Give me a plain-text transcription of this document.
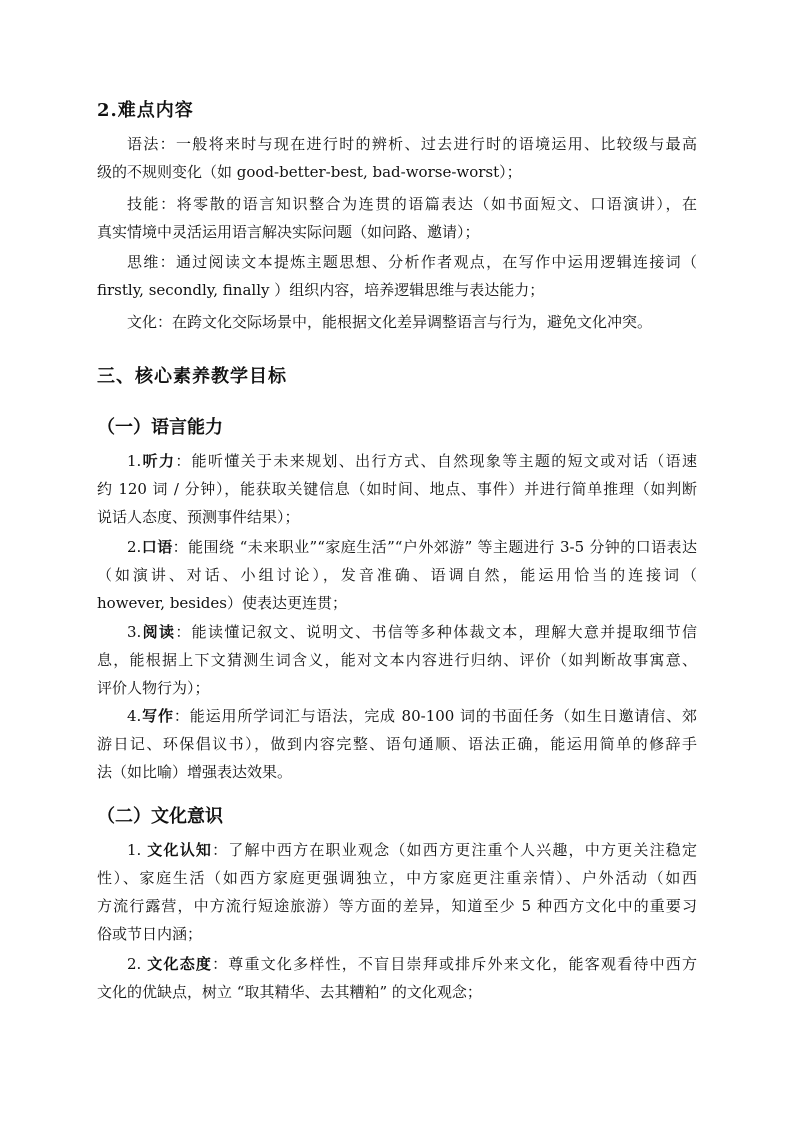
2.难点内容
语法：一般将来时与现在进行时的辨析、过去进行时的语境运用、比较级与最高
级的不规则变化（如 good-better-best, bad-worse-worst）；
技能：将零散的语言知识整合为连贯的语篇表达（如书面短文、口语演讲），在
真实情境中灵活运用语言解决实际问题（如问路、邀请）；
思维：通过阅读文本提炼主题思想、分析作者观点，在写作中运用逻辑连接词（
firstly, secondly, finally ）组织内容，培养逻辑思维与表达能力；
文化：在跨文化交际场景中，能根据文化差异调整语言与行为，避免文化冲突。
三、核心素养教学目标
（一）语言能力
1.听力：能听懂关于未来规划、出行方式、自然现象等主题的短文或对话（语速
约 120 词 / 分钟），能获取关键信息（如时间、地点、事件）并进行简单推理（如判断
说话人态度、预测事件结果）；
2.口语：能围绕 “未来职业”“家庭生活”“户外郊游” 等主题进行 3-5 分钟的口语表达
（如演讲、对话、小组讨论），发音准确、语调自然，能运用恰当的连接词（
however, besides）使表达更连贯；
3.阅读：能读懂记叙文、说明文、书信等多种体裁文本，理解大意并提取细节信
息，能根据上下文猜测生词含义，能对文本内容进行归纳、评价（如判断故事寓意、
评价人物行为）；
4.写作：能运用所学词汇与语法，完成 80-100 词的书面任务（如生日邀请信、郊
游日记、环保倡议书），做到内容完整、语句通顺、语法正确，能运用简单的修辞手
法（如比喻）增强表达效果。
（二）文化意识
1. 文化认知：了解中西方在职业观念（如西方更注重个人兴趣，中方更关注稳定
性）、家庭生活（如西方家庭更强调独立，中方家庭更注重亲情）、户外活动（如西
方流行露营，中方流行短途旅游）等方面的差异，知道至少 5 种西方文化中的重要习
俗或节日内涵；
2. 文化态度：尊重文化多样性，不盲目崇拜或排斥外来文化，能客观看待中西方
文化的优缺点，树立 “取其精华、去其糟粕” 的文化观念；
